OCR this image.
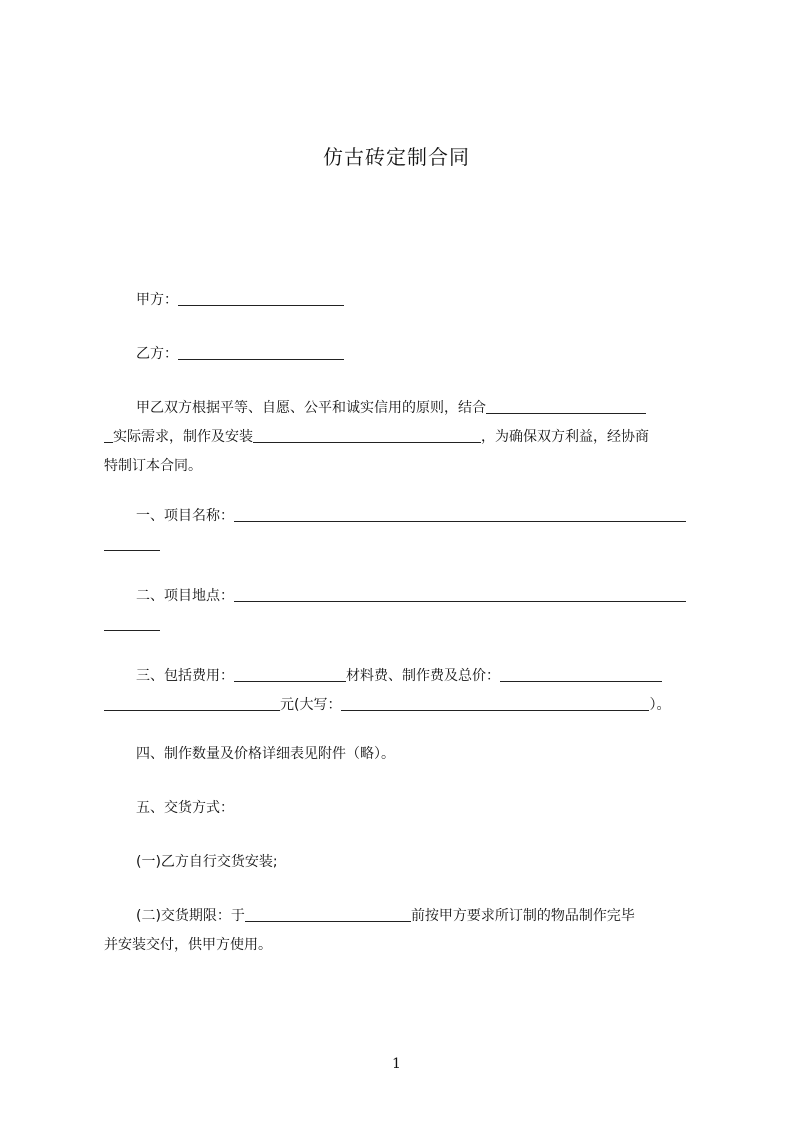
仿古砖定制合同
甲方：
乙方：
甲乙双方根据平等、自愿、公平和诚实信用的原则，结合
实际需求，制作及安装	，为确保双方利益，经协商
特制订本合同。
一、项目名称：
二、项目地点：
三、包括费用：	材料费、制作费及总价：
元(大写：	）。
四、制作数量及价格详细表见附件（略）。
五、交货方式：
(一)乙方自行交货安装;
(二)交货期限：于	前按甲方要求所订制的物品制作完毕
并安装交付，供甲方使用。
1
